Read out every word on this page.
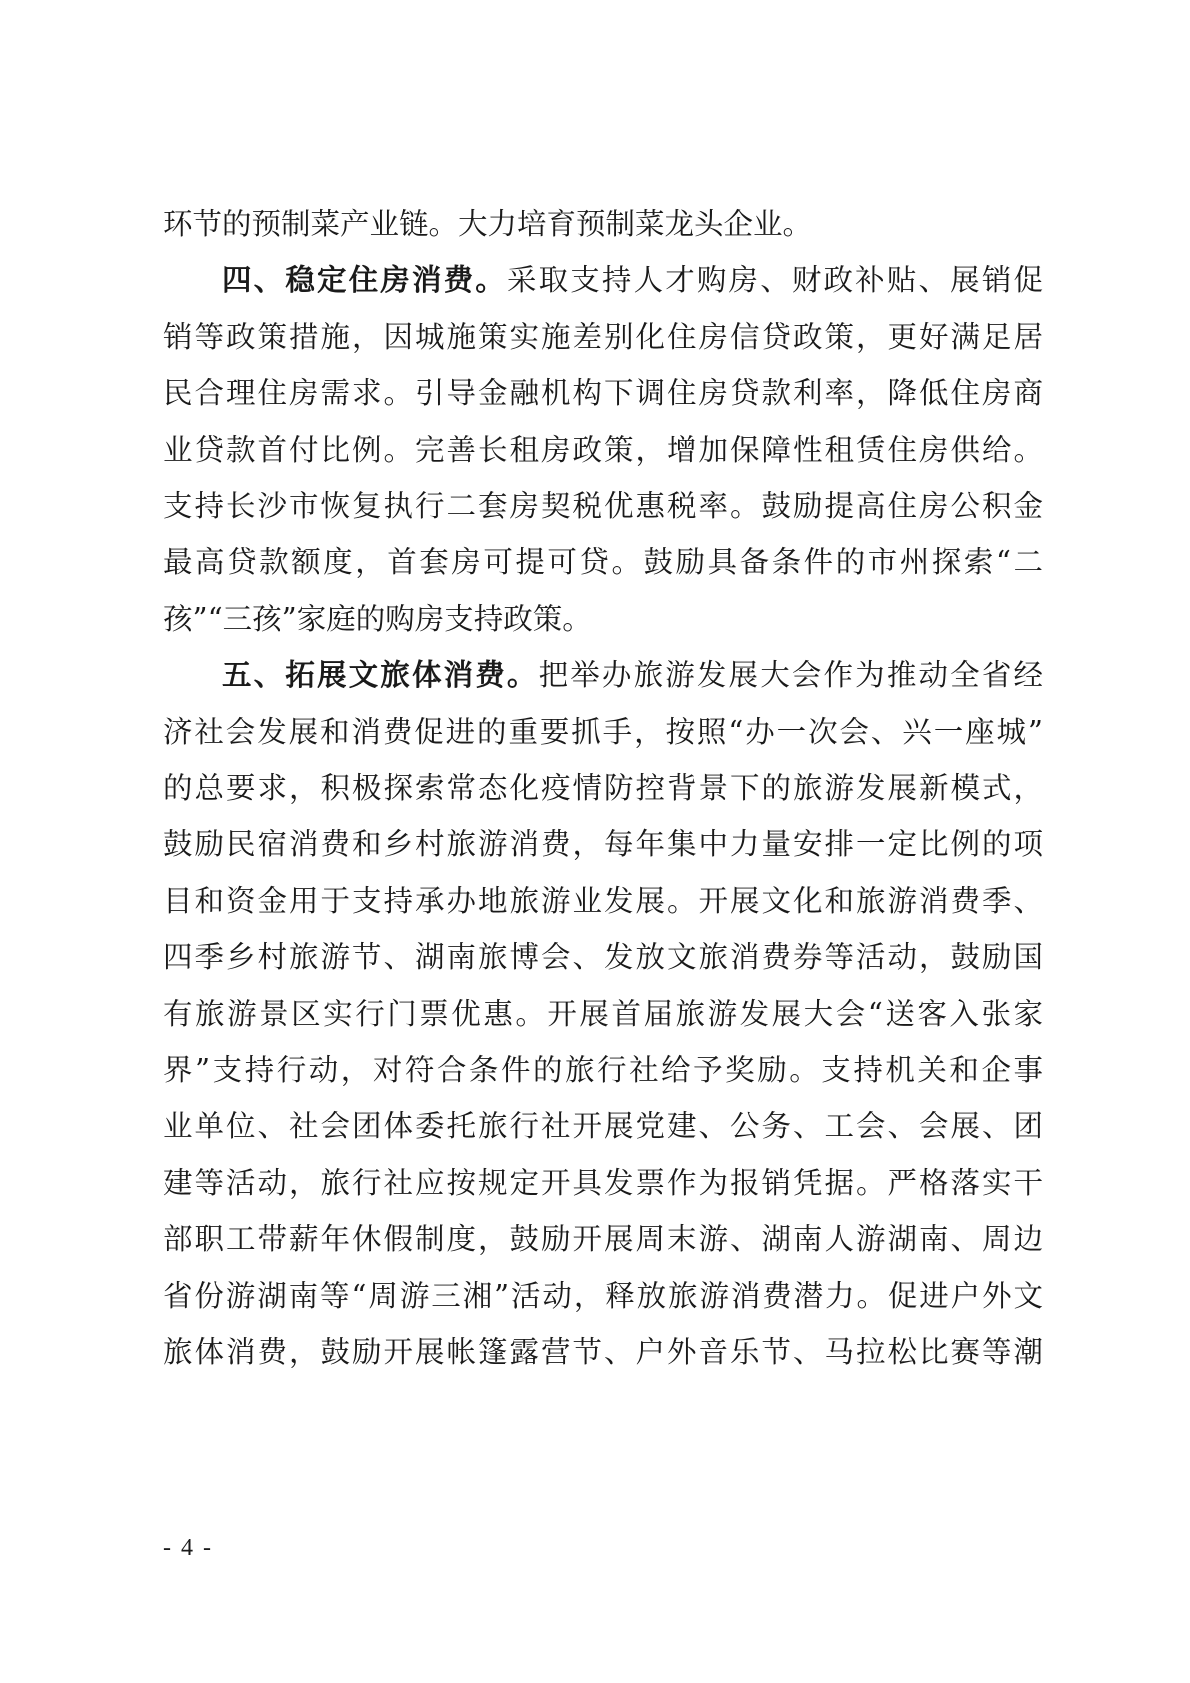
环节的预制菜产业链。大力培育预制菜龙头企业。
四、稳定住房消费。采取支持人才购房、财政补贴、展销促
销等政策措施，因城施策实施差别化住房信贷政策，更好满足居
民合理住房需求。引导金融机构下调住房贷款利率，降低住房商
业贷款首付比例。完善长租房政策，增加保障性租赁住房供给。
支持长沙市恢复执行二套房契税优惠税率。鼓励提高住房公积金
最高贷款额度，首套房可提可贷。鼓励具备条件的市州探索“二
孩”“三孩”家庭的购房支持政策。
五、拓展文旅体消费。把举办旅游发展大会作为推动全省经
济社会发展和消费促进的重要抓手，按照“办一次会、兴一座城”
的总要求，积极探索常态化疫情防控背景下的旅游发展新模式，
鼓励民宿消费和乡村旅游消费，每年集中力量安排一定比例的项
目和资金用于支持承办地旅游业发展。开展文化和旅游消费季、
四季乡村旅游节、湖南旅博会、发放文旅消费券等活动，鼓励国
有旅游景区实行门票优惠。开展首届旅游发展大会“送客入张家
界”支持行动，对符合条件的旅行社给予奖励。支持机关和企事
业单位、社会团体委托旅行社开展党建、公务、工会、会展、团
建等活动，旅行社应按规定开具发票作为报销凭据。严格落实干
部职工带薪年休假制度，鼓励开展周末游、湖南人游湖南、周边
省份游湖南等“周游三湘”活动，释放旅游消费潜力。促进户外文
旅体消费，鼓励开展帐篷露营节、户外音乐节、马拉松比赛等潮
- 4 -
